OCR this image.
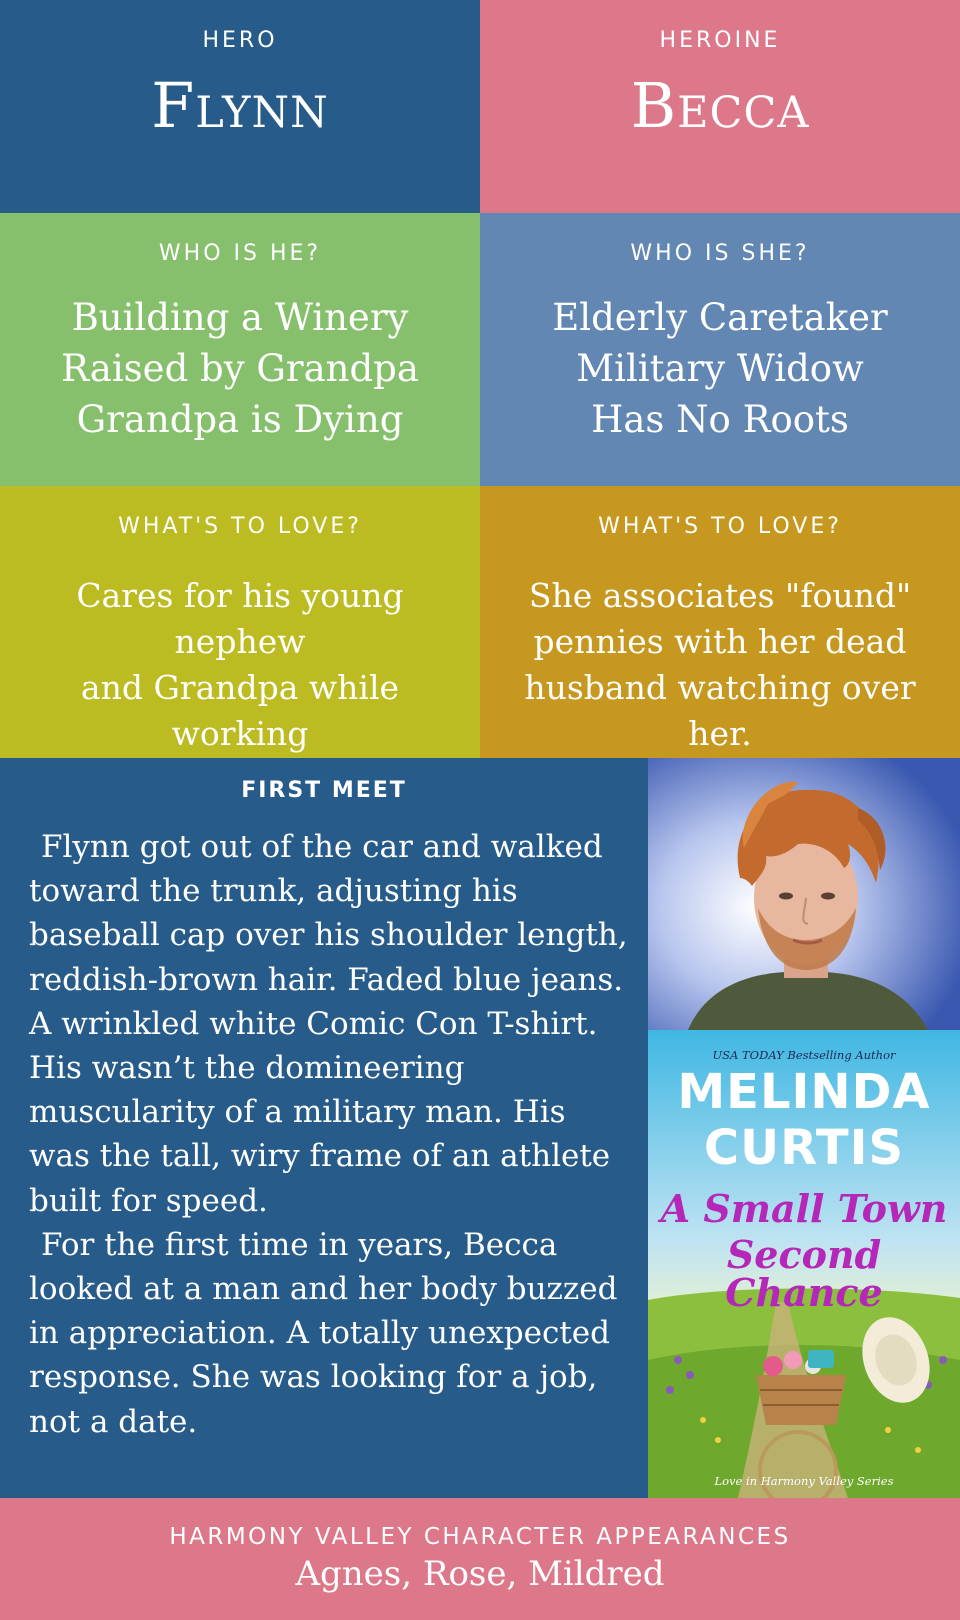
HERO
Flynn
HEROINE
Becca
WHO IS HE?
Building a Winery
Raised by Grandpa
Grandpa is Dying
WHO IS SHE?
Elderly Caretaker
Military Widow
Has No Roots
WHAT'S TO LOVE?
Cares for his young nephew
and Grandpa while working
WHAT'S TO LOVE?
She associates "found"
pennies with her dead
husband watching over her.
FIRST MEET

Flynn got out of the car and walked toward the trunk, adjusting his baseball cap over his shoulder length, reddish-brown hair. Faded blue jeans. A wrinkled white Comic Con T-shirt. His wasn’t the domineering muscularity of a military man. His was the tall, wiry frame of an athlete built for speed.

For the first time in years, Becca looked at a man and her body buzzed in appreciation. A totally unexpected response. She was looking for a job, not a date.

USA TODAY Bestselling Author
MELINDA
CURTIS
A Small Town
Second Chance
Love in Harmony Valley Series
HARMONY VALLEY CHARACTER APPEARANCES
Agnes, Rose, Mildred
